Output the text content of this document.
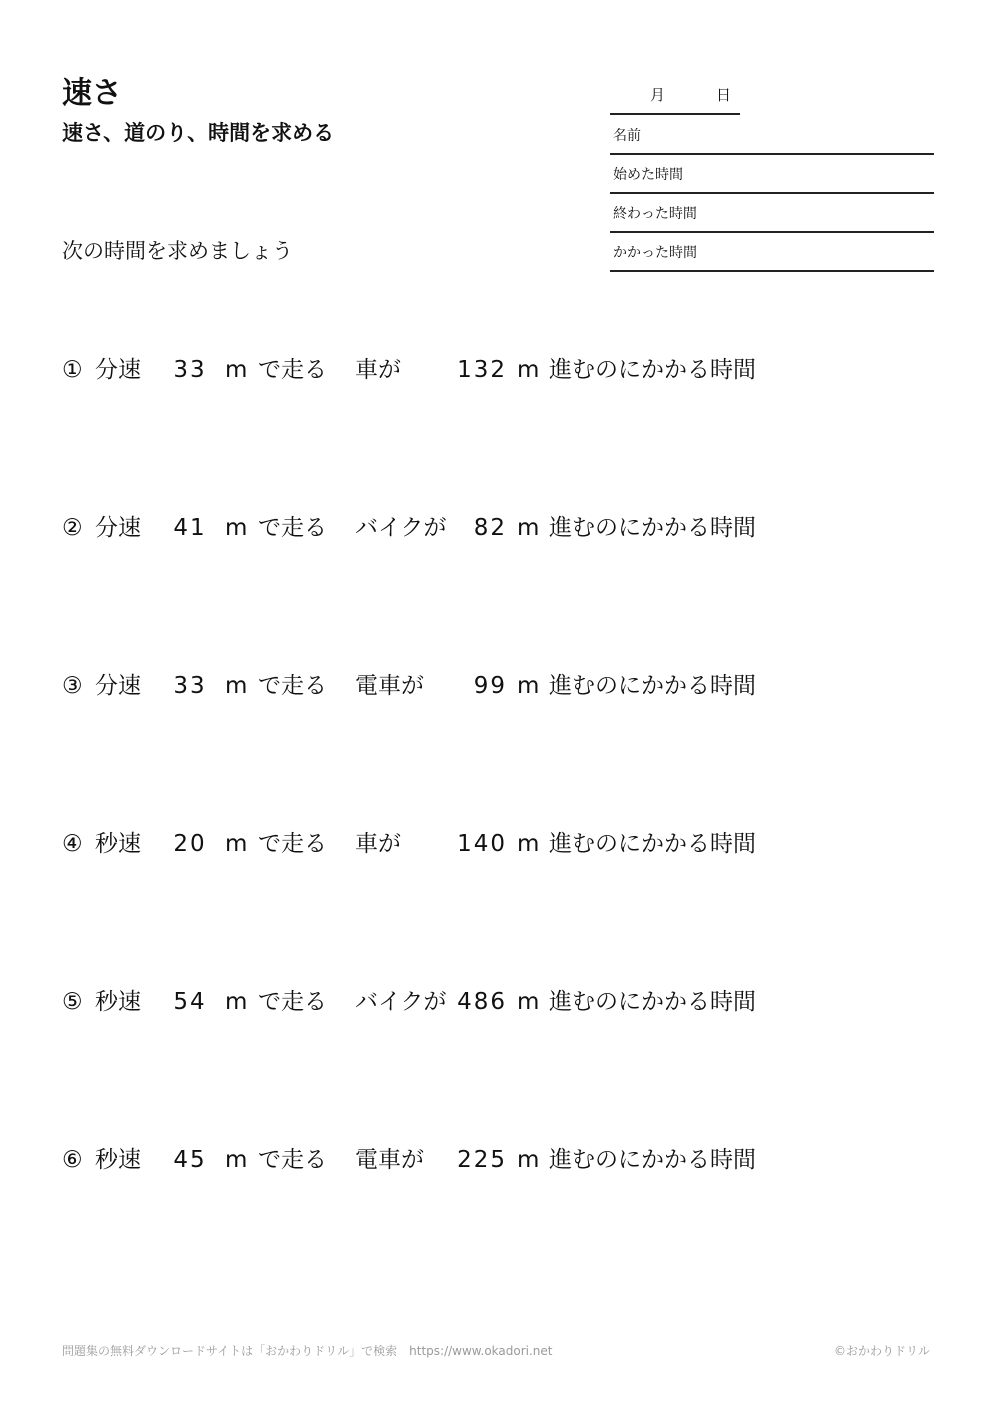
速さ
速さ、道のり、時間を求める
次の時間を求めましょう
月	日
名前
始めた時間
終わった時間
かかった時間
① 分速 33 m で走る 車が	132 m 進むのにかかる時間
② 分速 41 m で走る バイクが	82 m 進むのにかかる時間
③ 分速 33 m で走る 電車が	99 m 進むのにかかる時間
④ 秒速 20 m で走る 車が	140 m 進むのにかかる時間
⑤ 秒速 54 m で走る バイクが 486 m 進むのにかかる時間
⑥ 秒速 45 m で走る 電車が	225 m 進むのにかかる時間
問題集の無料ダウンロードサイトは「おかわりドリル」で検索　https://www.okadori.net	©おかわりドリル
